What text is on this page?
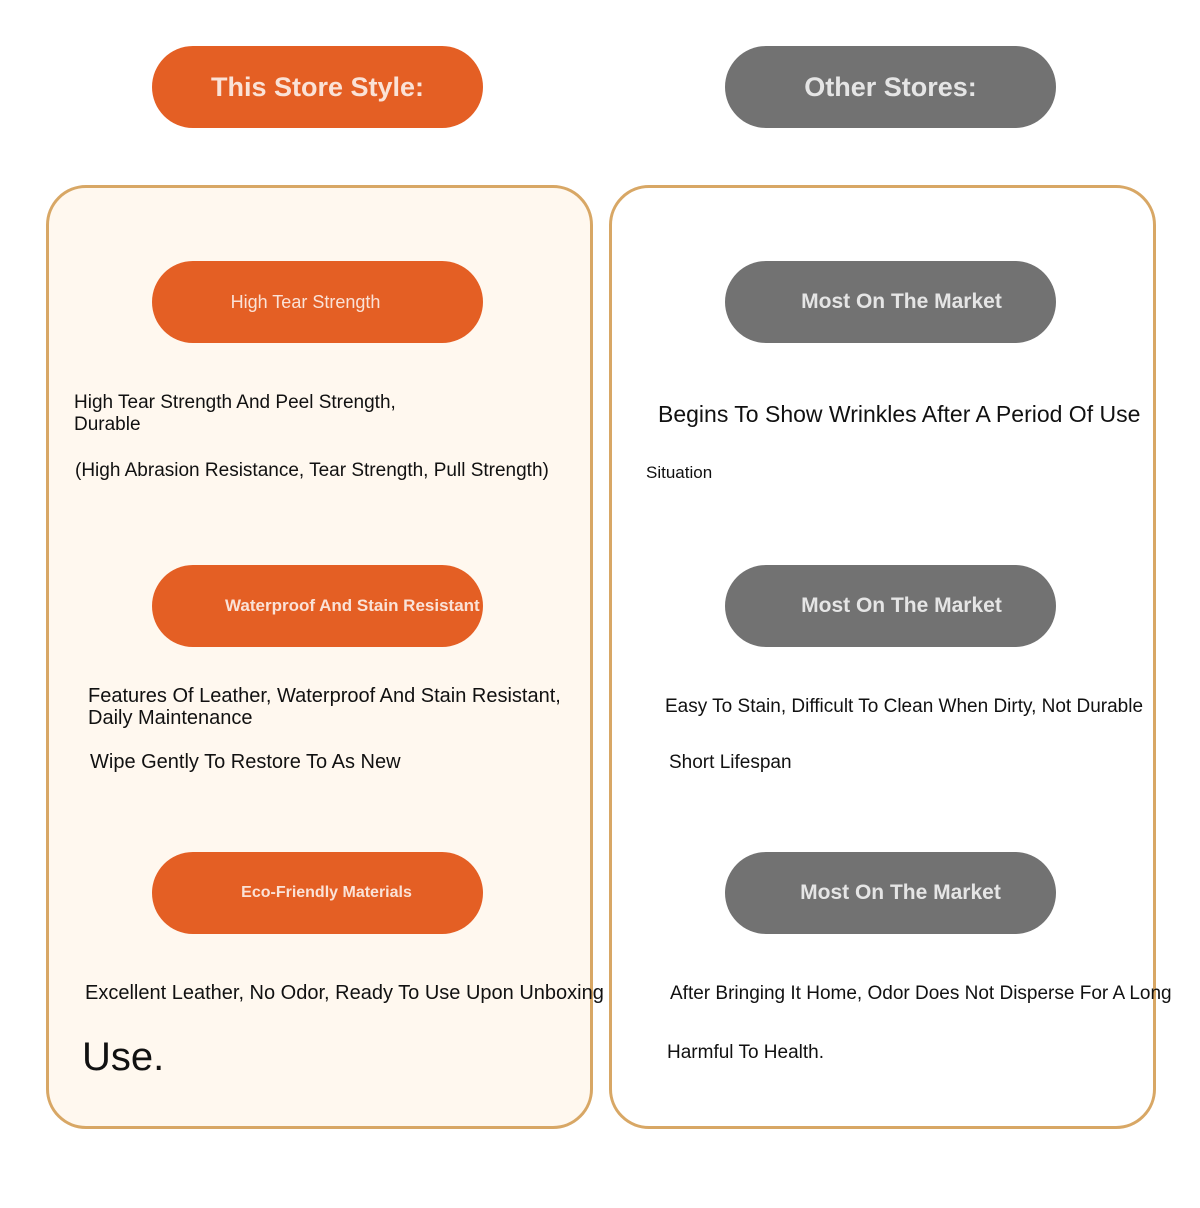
This Store Style:	Other Stores:
High Tear Strength
High Tear Strength And Peel Strength,
Durable
(High Abrasion Resistance, Tear Strength, Pull Strength)
Waterproof And Stain Resistant
Features Of Leather, Waterproof And Stain Resistant,
Daily Maintenance
Wipe Gently To Restore To As New
Eco-Friendly Materials
Excellent Leather, No Odor, Ready To Use Upon Unboxing
Use.
Most On The Market
Begins To Show Wrinkles After A Period Of Use
Situation
Most On The Market
Easy To Stain, Difficult To Clean When Dirty, Not Durable
Short Lifespan
Most On The Market
After Bringing It Home, Odor Does Not Disperse For A Long
Harmful To Health.
